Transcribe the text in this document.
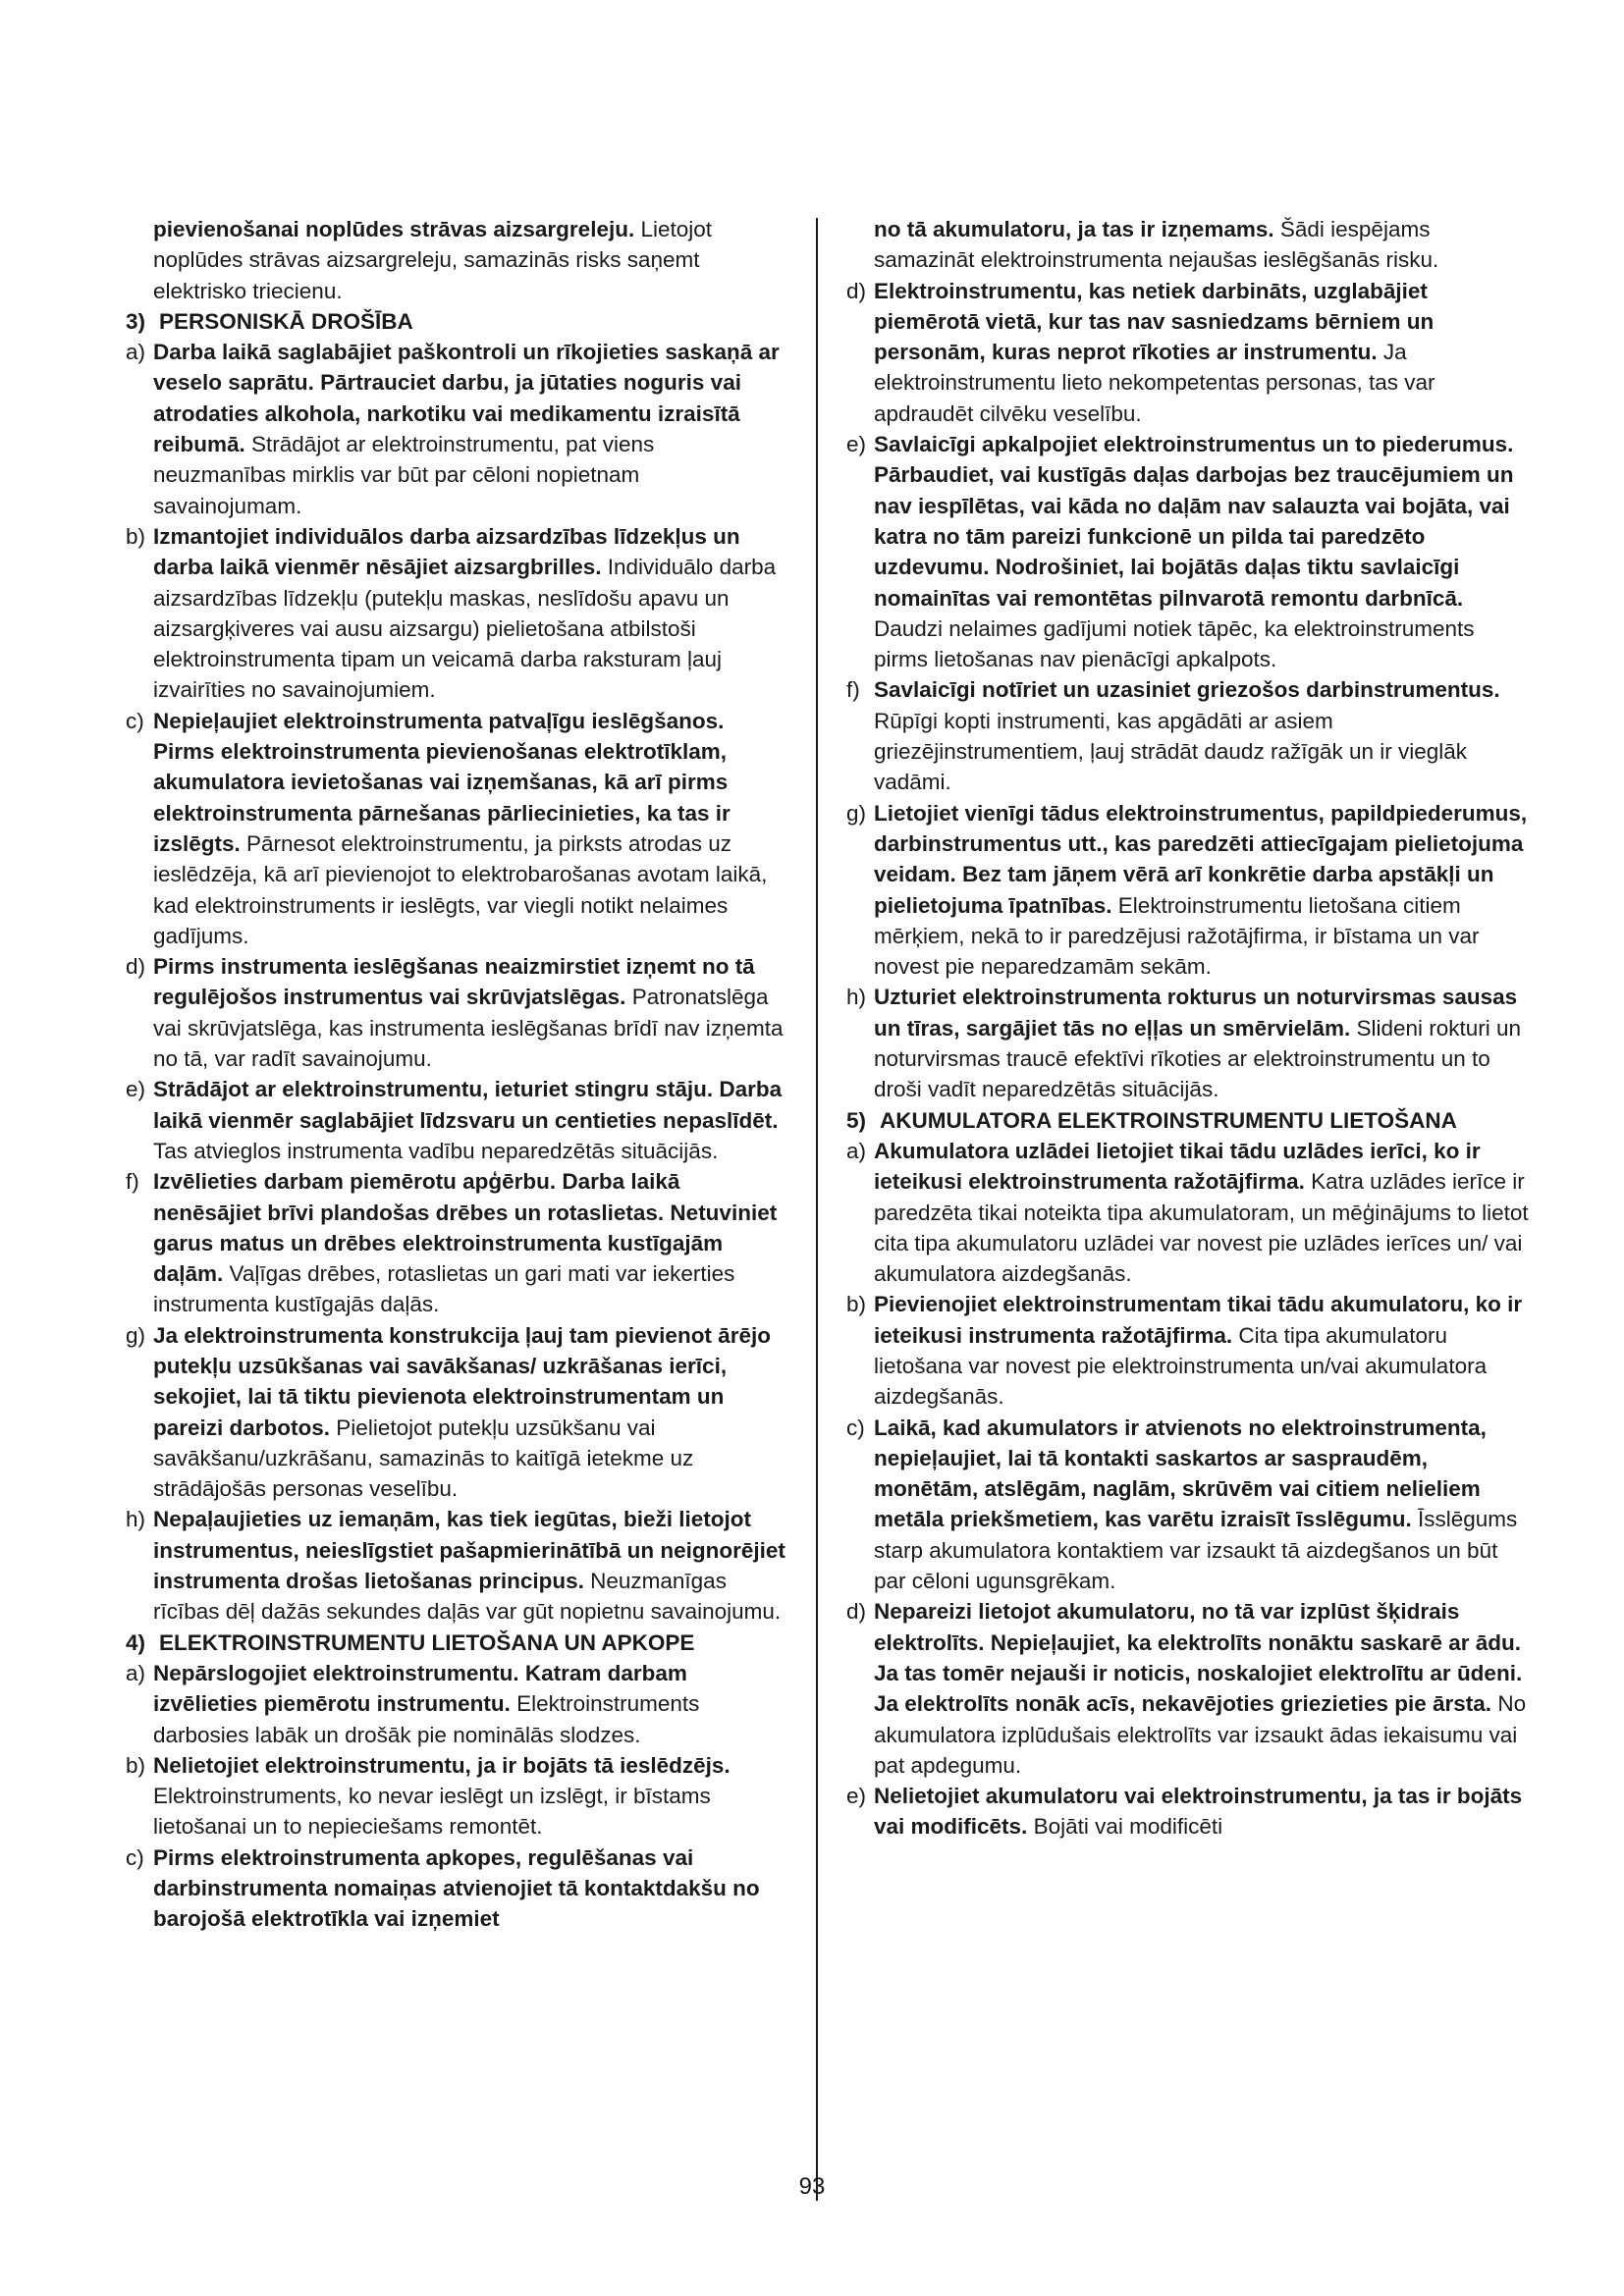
pievienošanai noplūdes strāvas aizsargreleju. Lietojot noplūdes strāvas aizsargreleju, samazinās risks saņemt elektrisko triecienu.

3) PERSONISKĀ DROŠĪBA
a) Darba laikā saglabājiet paškontroli un rīkojieties saskaņā ar veselo saprātu. Pārtrauciet darbu, ja jūtaties noguris vai atrodaties alkohola, narkotiku vai medikamentu izraisītā reibumā. Strādājot ar elektroinstrumentu, pat viens neuzmanības mirklis var būt par cēloni nopietnam savainojumam.
b) Izmantojiet individuālos darba aizsardzības līdzekļus un darba laikā vienmēr nēsājiet aizsargbrilles. Individuālo darba aizsardzības līdzekļu (putekļu maskas, neslīdošu apavu un aizsargķiveres vai ausu aizsargu) pielietošana atbilstoši elektroinstrumenta tipam un veicamā darba raksturam ļauj izvairīties no savainojumiem.
c) Nepieļaujiet elektroinstrumenta patvaļīgu ieslēgšanos. Pirms elektroinstrumenta pievienošanas elektrotīklam, akumulatora ievietošanas vai izņemšanas, kā arī pirms elektroinstrumenta pārnešanas pārliecinieties, ka tas ir izslēgts. Pārnesot elektroinstrumentu, ja pirksts atrodas uz ieslēdzēja, kā arī pievienojot to elektrobarošanas avotam laikā, kad elektroinstruments ir ieslēgts, var viegli notikt nelaimes gadījums.
d) Pirms instrumenta ieslēgšanas neaizmirstiet izņemt no tā regulējošos instrumentus vai skrūvjatslēgas. Patronatslēga vai skrūvjatslēga, kas instrumenta ieslēgšanas brīdī nav izņemta no tā, var radīt savainojumu.
e) Strādājot ar elektroinstrumentu, ieturiet stingru stāju. Darba laikā vienmēr saglabājiet līdzsvaru un centieties nepaslīdēt. Tas atvieglos instrumenta vadību neparedzētās situācijās.
f) Izvēlieties darbam piemērotu apģērbu. Darba laikā nenēsājiet brīvi plandošas drēbes un rotaslietas. Netuviniet garus matus un drēbes elektroinstrumenta kustīgajām daļām. Vaļīgas drēbes, rotaslietas un gari mati var iekerties instrumenta kustīgajās daļās.
g) Ja elektroinstrumenta konstrukcija ļauj tam pievienot ārējo putekļu uzsūkšanas vai savākšanas/ uzkrāšanas ierīci, sekojiet, lai tā tiktu pievienota elektroinstrumentam un pareizi darbotos. Pielietojot putekļu uzsūkšanu vai savākšanu/uzkrāšanu, samazinās to kaitīgā ietekme uz strādājošās personas veselību.
h) Nepaļaujieties uz iemaņām, kas tiek iegūtas, bieži lietojot instrumentus, neieslīgstiet pašapmierinātībā un neignorējiet instrumenta drošas lietošanas principus. Neuzmanīgas rīcības dēļ dažās sekundes daļās var gūt nopietnu savainojumu.
4) ELEKTROINSTRUMENTU LIETOŠANA UN APKOPE
a) Nepārslogojiet elektroinstrumentu. Katram darbam izvēlieties piemērotu instrumentu. Elektroinstruments darbosies labāk un drošāk pie nominālās slodzes.
b) Nelietojiet elektroinstrumentu, ja ir bojāts tā ieslēdzējs. Elektroinstruments, ko nevar ieslēgt un izslēgt, ir bīstams lietošanai un to nepieciešams remontēt.
c) Pirms elektroinstrumenta apkopes, regulēšanas vai darbinstrumenta nomaiņas atvienojiet tā kontaktdakšu no barojošā elektrotīkla vai izņemiet

no tā akumulatoru, ja tas ir izņemams. Šādi iespējams samazināt elektroinstrumenta nejaušas ieslēgšanās risku.

d) Elektroinstrumentu, kas netiek darbināts, uzglabājiet piemērotā vietā, kur tas nav sasniedzams bērniem un personām, kuras neprot rīkoties ar instrumentu. Ja elektroinstrumentu lieto nekompetentas personas, tas var apdraudēt cilvēku veselību.
e) Savlaicīgi apkalpojiet elektroinstrumentus un to piederumus. Pārbaudiet, vai kustīgās daļas darbojas bez traucējumiem un nav iespīlētas, vai kāda no daļām nav salauzta vai bojāta, vai katra no tām pareizi funkcionē un pilda tai paredzēto uzdevumu. Nodrošiniet, lai bojātās daļas tiktu savlaicīgi nomainītas vai remontētas pilnvarotā remontu darbnīcā. Daudzi nelaimes gadījumi notiek tāpēc, ka elektroinstruments pirms lietošanas nav pienācīgi apkalpots.
f) Savlaicīgi notīriet un uzasiniet griezošos darbinstrumentus. Rūpīgi kopti instrumenti, kas apgādāti ar asiem griezējinstrumentiem, ļauj strādāt daudz ražīgāk un ir vieglāk vadāmi.
g) Lietojiet vienīgi tādus elektroinstrumentus, papildpiederumus, darbinstrumentus utt., kas paredzēti attiecīgajam pielietojuma veidam. Bez tam jāņem vērā arī konkrētie darba apstākļi un pielietojuma īpatnības. Elektroinstrumentu lietošana citiem mērķiem, nekā to ir paredzējusi ražotājfirma, ir bīstama un var novest pie neparedzamām sekām.
h) Uzturiet elektroinstrumenta rokturus un noturvirsmas sausas un tīras, sargājiet tās no eļļas un smērvielām. Slideni rokturi un noturvirsmas traucē efektīvi rīkoties ar elektroinstrumentu un to droši vadīt neparedzētās situācijās.
5) AKUMULATORA ELEKTROINSTRUMENTU LIETOŠANA
a) Akumulatora uzlādei lietojiet tikai tādu uzlādes ierīci, ko ir ieteikusi elektroinstrumenta ražotājfirma. Katra uzlādes ierīce ir paredzēta tikai noteikta tipa akumulatoram, un mēģinājums to lietot cita tipa akumulatoru uzlādei var novest pie uzlādes ierīces un/ vai akumulatora aizdegšanās.
b) Pievienojiet elektroinstrumentam tikai tādu akumulatoru, ko ir ieteikusi instrumenta ražotājfirma. Cita tipa akumulatoru lietošana var novest pie elektroinstrumenta un/vai akumulatora aizdegšanās.
c) Laikā, kad akumulators ir atvienots no elektroinstrumenta, nepieļaujiet, lai tā kontakti saskartos ar saspraudēm, monētām, atslēgām, naglām, skrūvēm vai citiem nelieliem metāla priekšmetiem, kas varētu izraisīt īsslēgumu. Īsslēgums starp akumulatora kontaktiem var izsaukt tā aizdegšanos un būt par cēloni ugunsgrēkam.
d) Nepareizi lietojot akumulatoru, no tā var izplūst šķidrais elektrolīts. Nepieļaujiet, ka elektrolīts nonāktu saskarē ar ādu. Ja tas tomēr nejauši ir noticis, noskalojiet elektrolītu ar ūdeni. Ja elektrolīts nonāk acīs, nekavējoties griezieties pie ārsta. No akumulatora izplūdušais elektrolīts var izsaukt ādas iekaisumu vai pat apdegumu.
e) Nelietojiet akumulatoru vai elektroinstrumentu, ja tas ir bojāts vai modificēts. Bojāti vai modificēti
93
